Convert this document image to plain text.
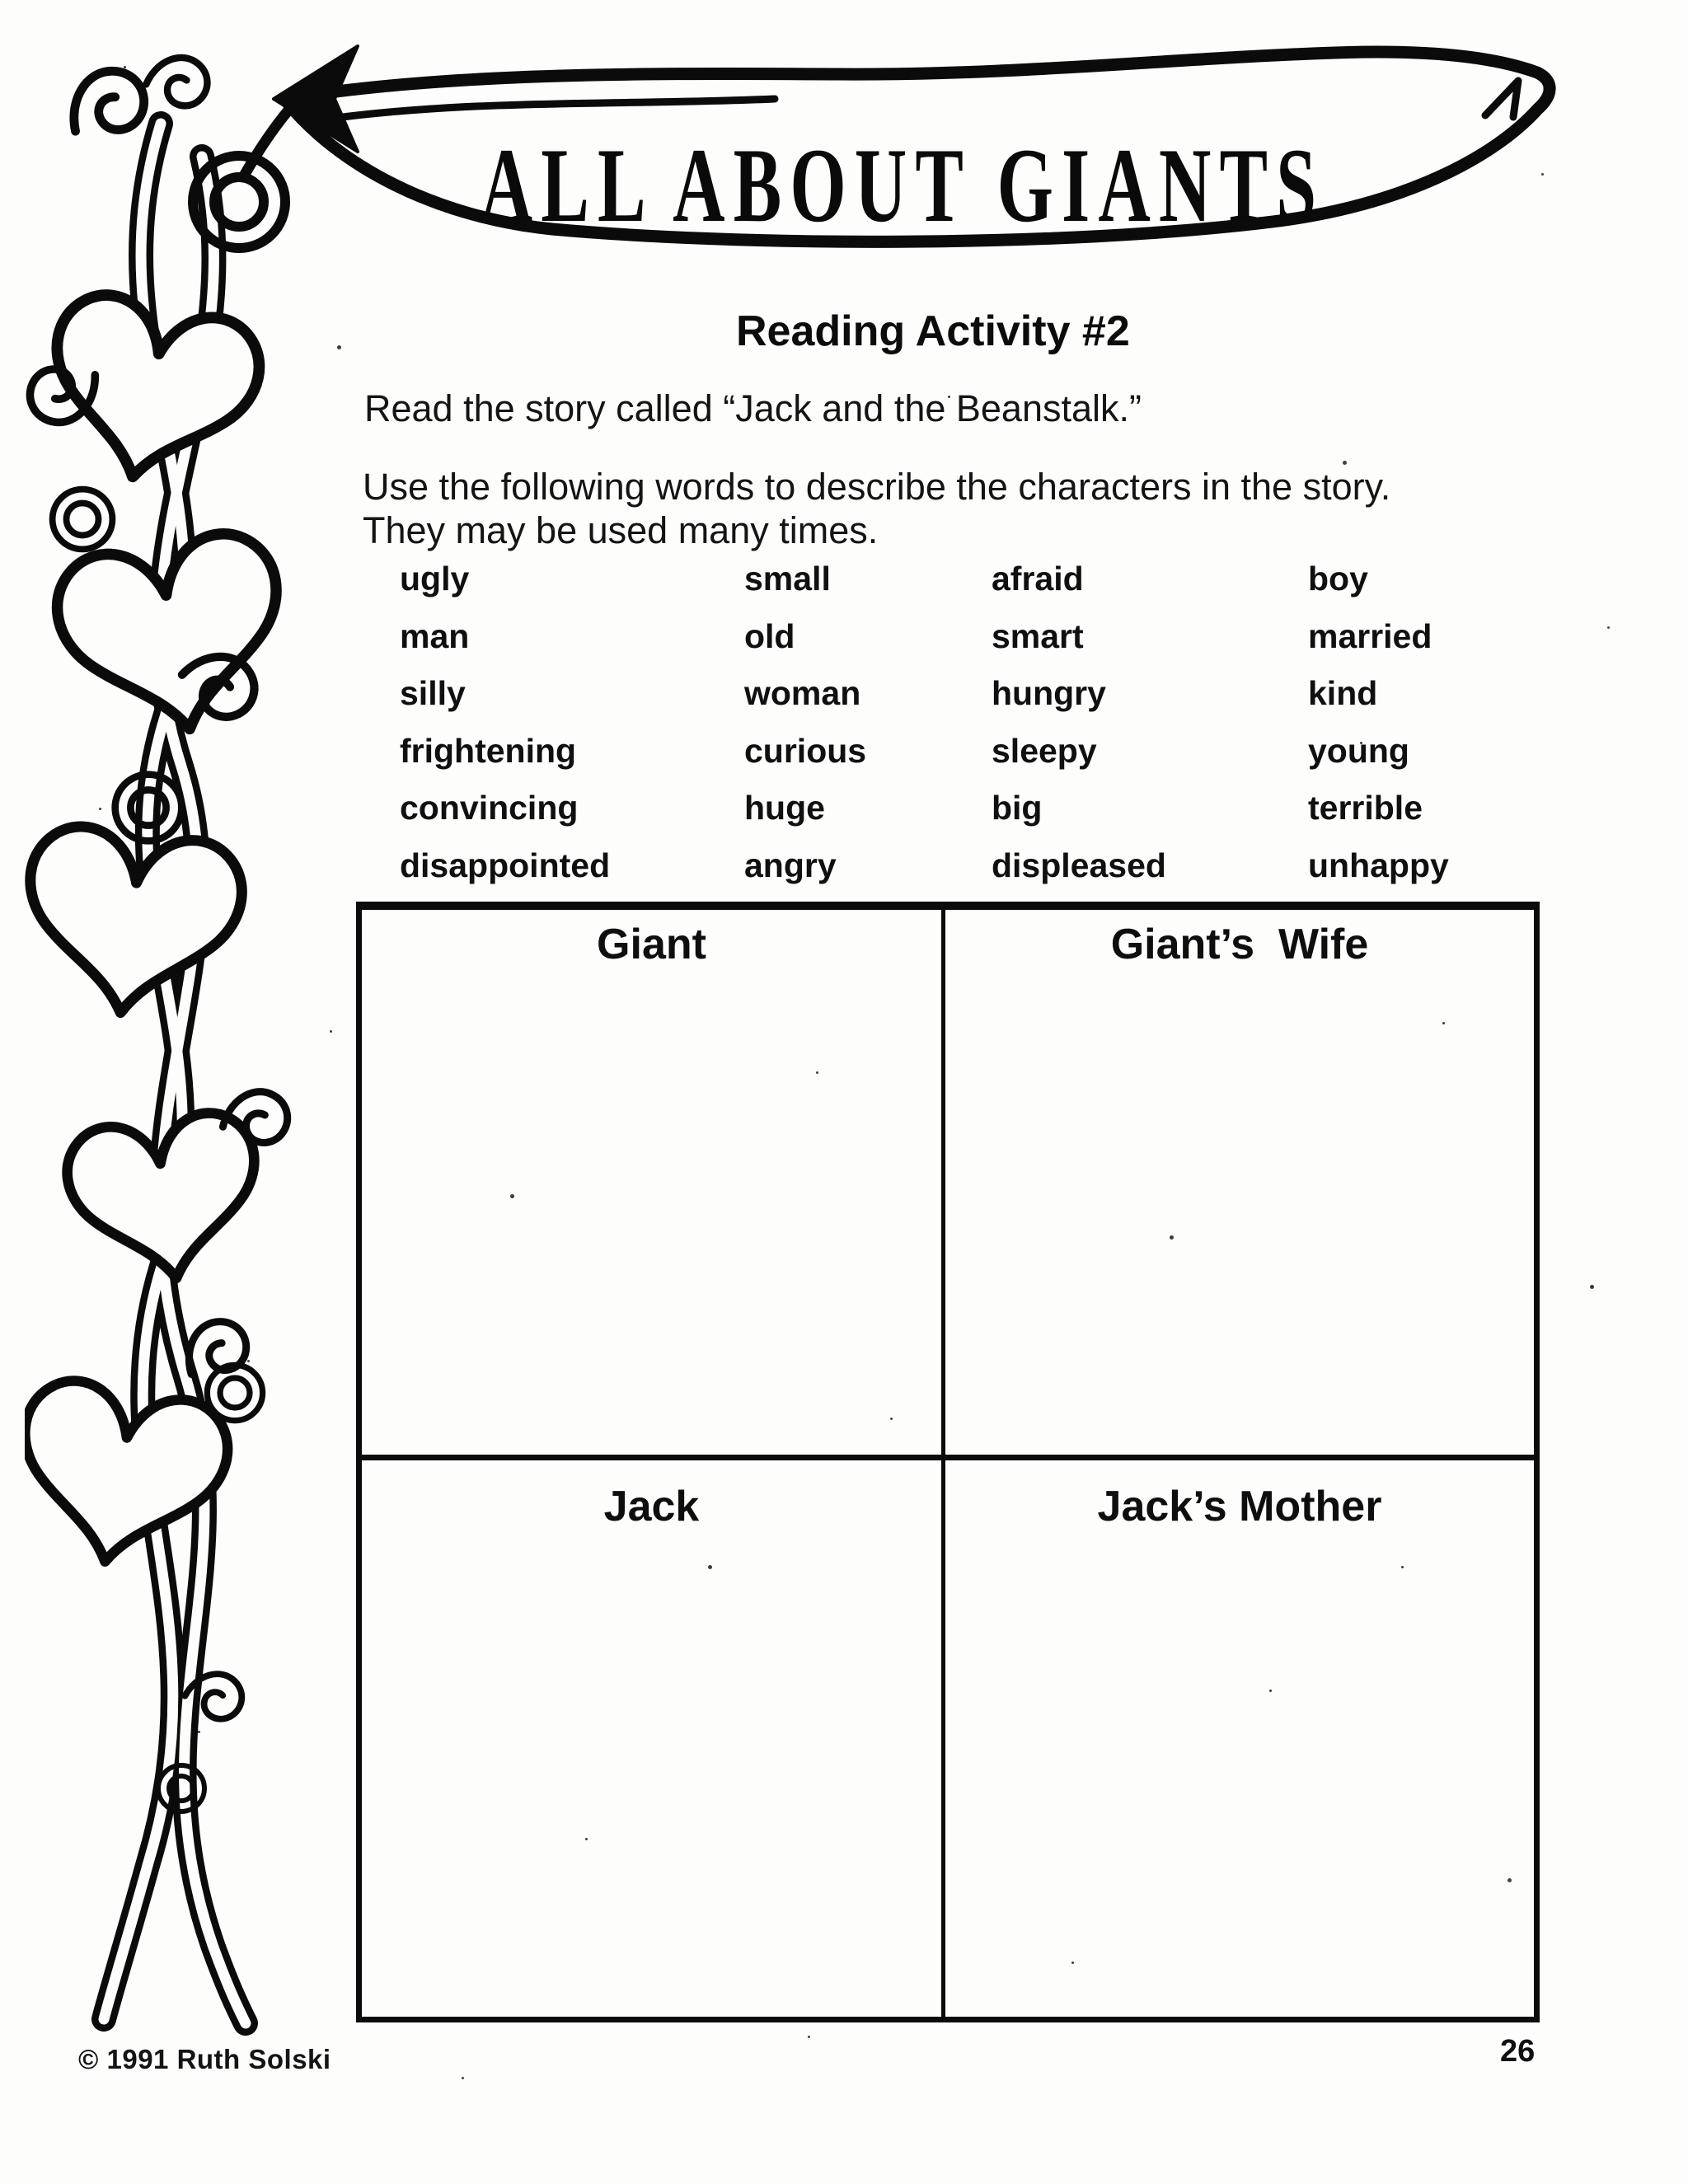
ALL ABOUT GIANTS
Reading Activity #2
Read the story called “Jack and the Beanstalk.”
Use the following words to describe the characters in the story.
They may be used many times.
ugly	small	afraid	boy
man	old	smart	married
silly	woman	hungry	kind
frightening	curious	sleepy	young
convincing	huge	big	terrible
disappointed	angry	displeased	unhappy
Giant	Giant’s  Wife
Jack	Jack’s Mother
© 1991 Ruth Solski	26
